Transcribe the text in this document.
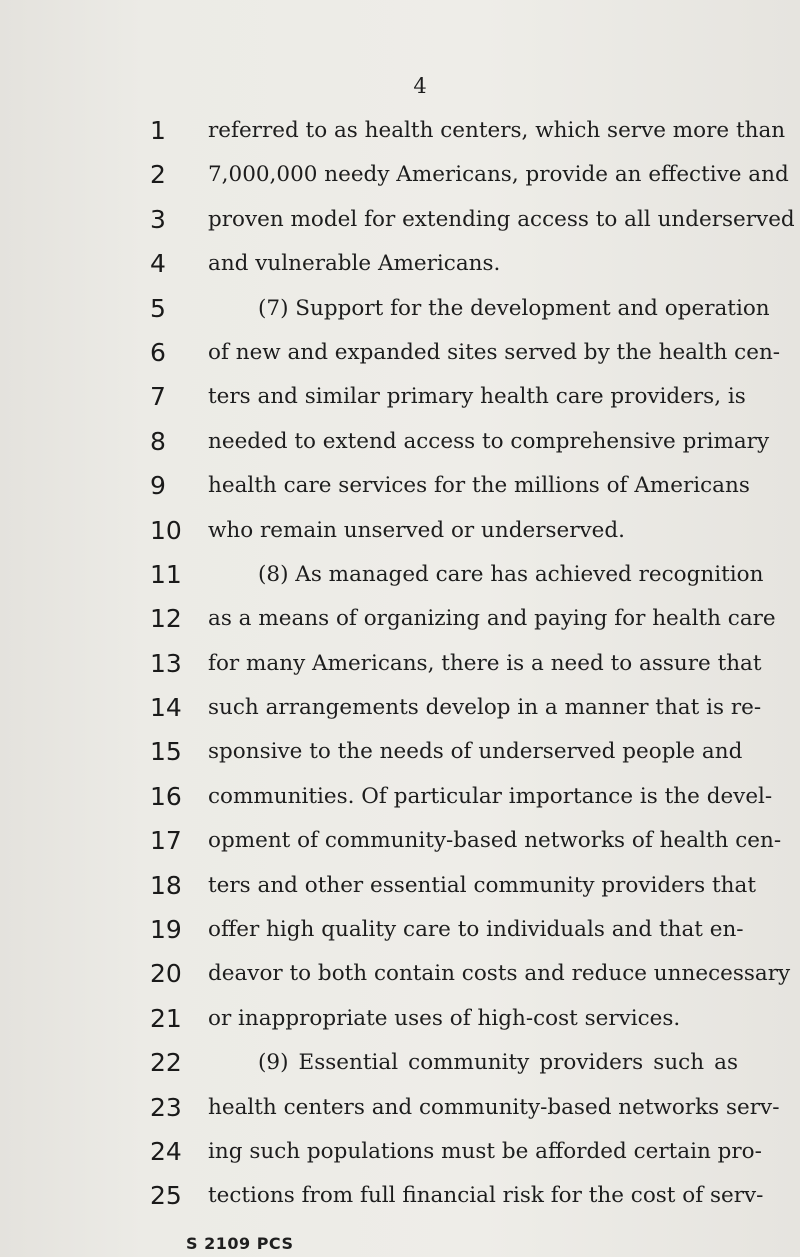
4
1
2
3
4
5
6
7
8
9
10
11
12
13
14
15
16
17
18
19
20
21
22
23
24
25
referred to as health centers, which serve more than
7,000,000 needy Americans, provide an effective and
proven model for extending access to all underserved
and vulnerable Americans.
(7) Support for the development and operation
of new and expanded sites served by the health cen-
ters and similar primary health care providers, is
needed to extend access to comprehensive primary
health care services for the millions of Americans
who remain unserved or underserved.
(8) As managed care has achieved recognition
as a means of organizing and paying for health care
for many Americans, there is a need to assure that
such arrangements develop in a manner that is re-
sponsive to the needs of underserved people and
communities. Of particular importance is the devel-
opment of community-based networks of health cen-
ters and other essential community providers that
offer high quality care to individuals and that en-
deavor to both contain costs and reduce unnecessary
or inappropriate uses of high-cost services.
(9) Essential community providers such as
health centers and community-based networks serv-
ing such populations must be afforded certain pro-
tections from full financial risk for the cost of serv-
S 2109 PCS
